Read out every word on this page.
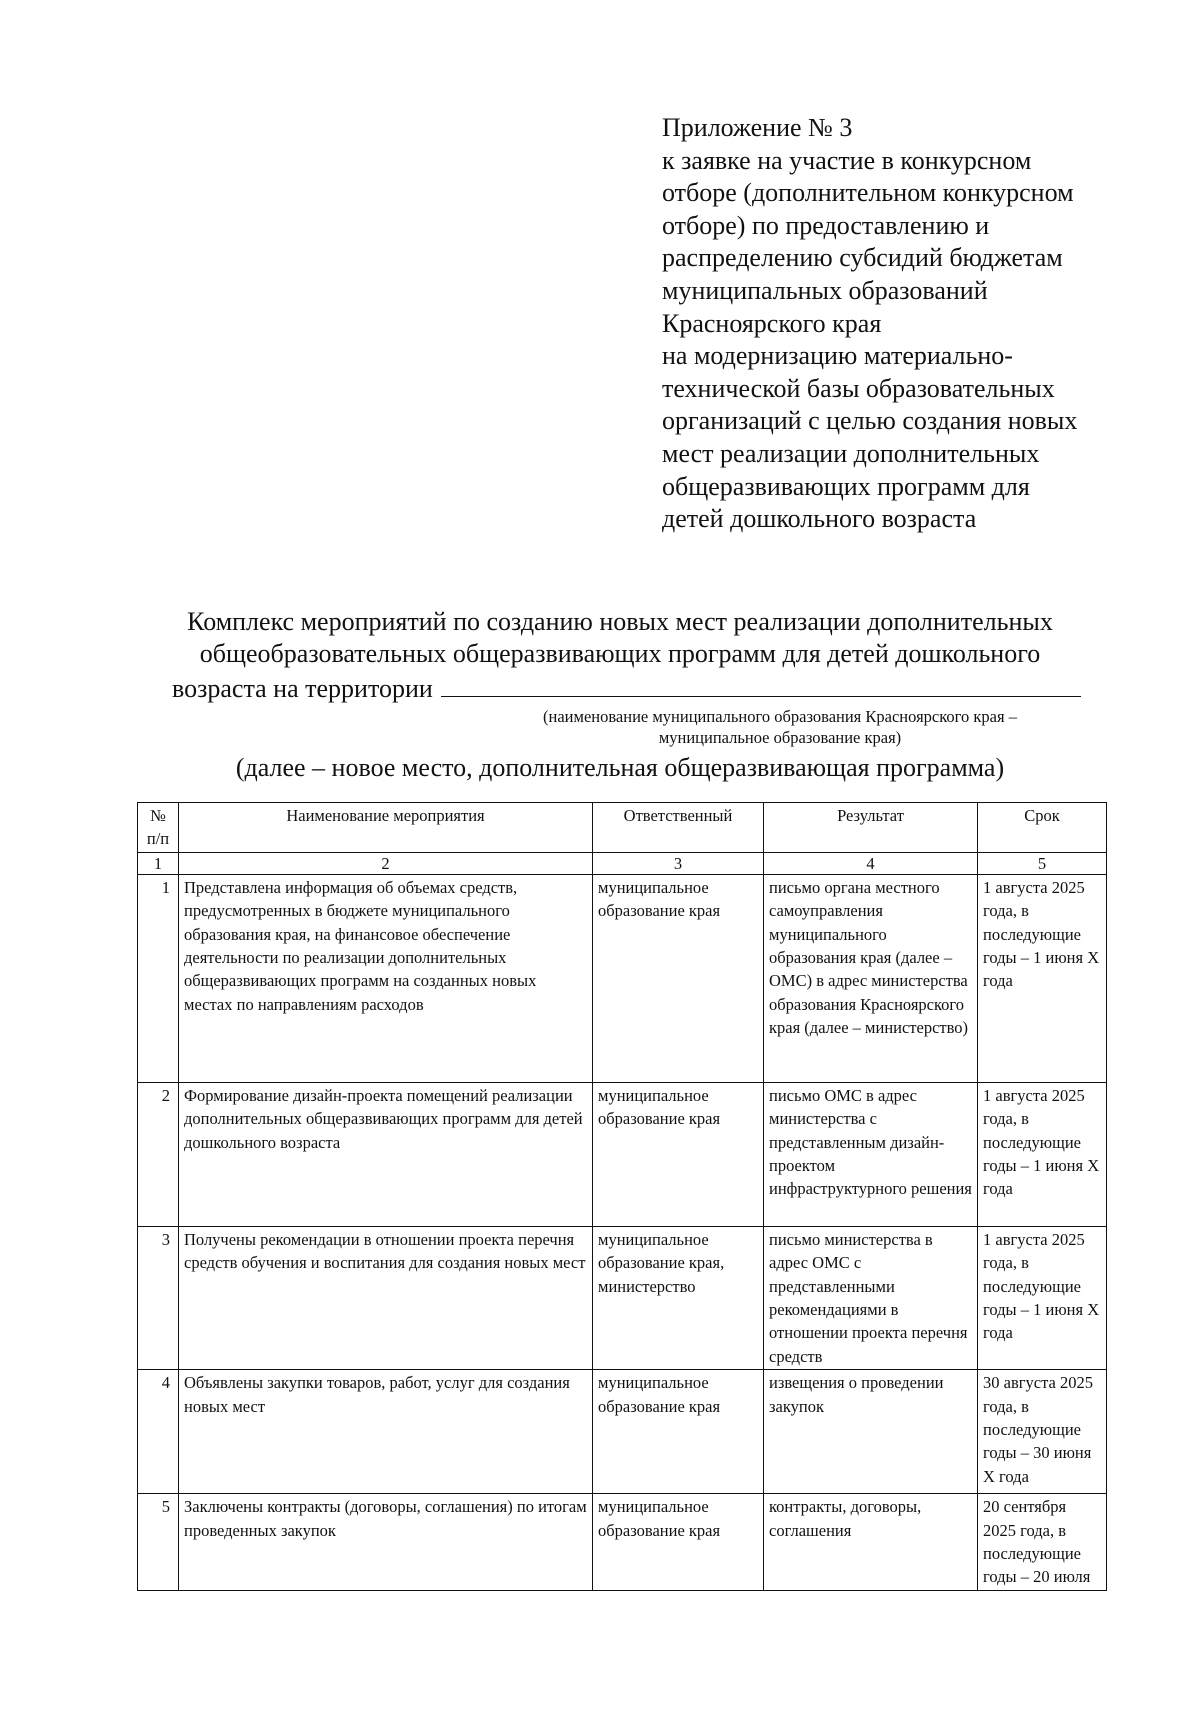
Приложение № 3
к заявке на участие в конкурсном
отборе (дополнительном конкурсном
отборе) по предоставлению и
распределению субсидий бюджетам
муниципальных образований
Красноярского края
на модернизацию материально-
технической базы образовательных
организаций с целью создания новых
мест реализации дополнительных
общеразвивающих программ для
детей дошкольного возраста
Комплекс мероприятий по созданию новых мест реализации дополнительных
общеобразовательных общеразвивающих программ для детей дошкольного
возраста на территории
(наименование муниципального образования Красноярского края –
муниципальное образование края)
(далее – новое место, дополнительная общеразвивающая программа)
№ п/п	Наименование мероприятия	Ответственный	Результат	Срок
1	2	3	4	5
1	Представлена информация об объемах средств, предусмотренных в бюджете муниципального образования края, на финансовое обеспечение деятельности по реализации дополнительных общеразвивающих программ на созданных новых местах по направлениям расходов	муниципальное образование края	письмо органа местного самоуправления муниципального образования края (далее – ОМС) в адрес министерства образования Красноярского края (далее – министерство)	1 августа 2025 года, в последующие годы – 1 июня Х года
2	Формирование дизайн-проекта помещений реализации дополнительных общеразвивающих программ для детей дошкольного возраста	муниципальное образование края	письмо ОМС в адрес министерства с представленным дизайн-проектом инфраструктурного решения	1 августа 2025 года, в последующие годы – 1 июня Х года
3	Получены рекомендации в отношении проекта перечня средств обучения и воспитания для создания новых мест	муниципальное образование края, министерство	письмо министерства в адрес ОМС с представленными рекомендациями в отношении проекта перечня средств	1 августа 2025 года, в последующие годы – 1 июня Х года
4	Объявлены закупки товаров, работ, услуг для создания новых мест	муниципальное образование края	извещения о проведении закупок	30 августа 2025 года, в последующие годы – 30 июня Х года
5	Заключены контракты (договоры, соглашения) по итогам проведенных закупок	муниципальное образование края	контракты, договоры, соглашения	20 сентября 2025 года, в последующие годы – 20 июля
